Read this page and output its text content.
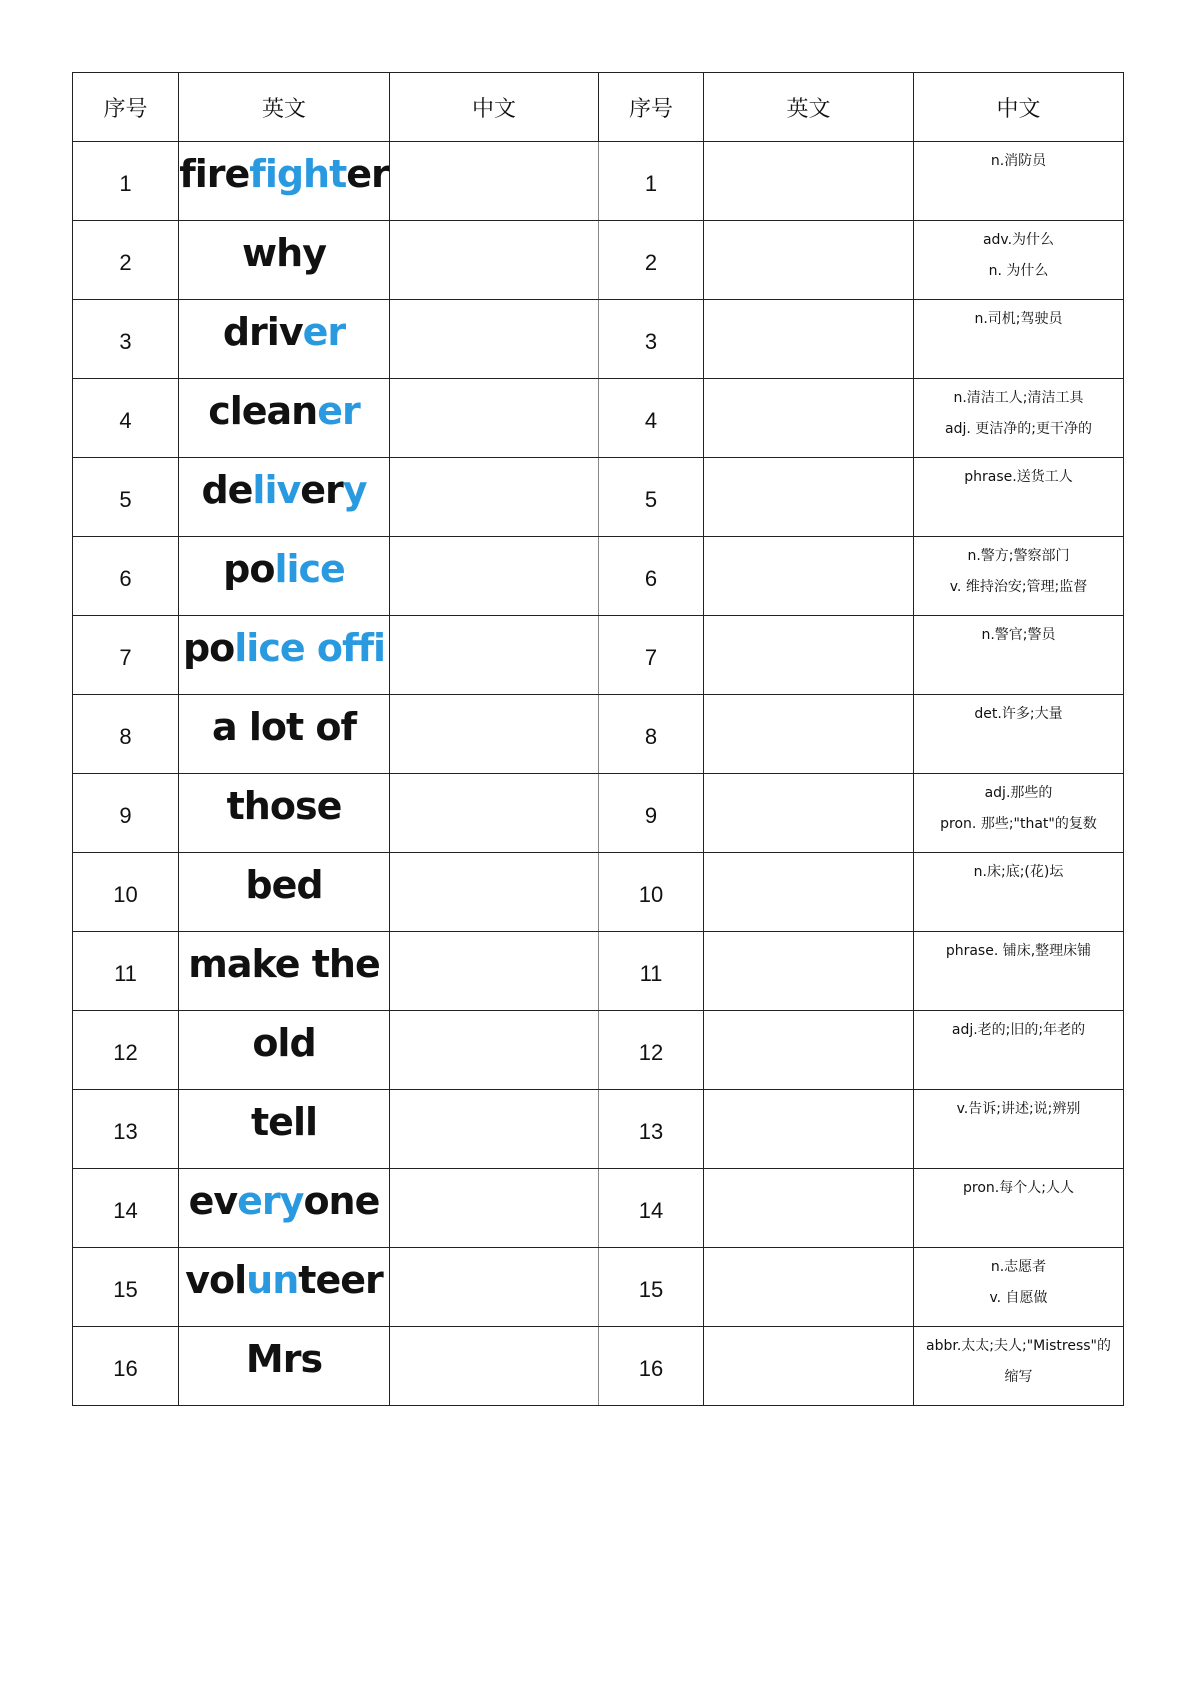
序号	英文	中文	序号	英文	中文
1	firefighter		1		n.消防员

2	why		2		adv.为什么
n. 为什么

3	driver		3		n.司机;驾驶员

4	cleaner		4		n.清洁工人;清洁工具
adj. 更洁净的;更干净的

5	delivery		5		phrase.送货工人

6	police		6		n.警方;警察部门
v. 维持治安;管理;监督

7	police offi		7		n.警官;警员

8	a lot of		8		det.许多;大量

9	those		9		adj.那些的
pron. 那些;"that"的复数

10	bed		10		n.床;底;(花)坛

11	make the		11		phrase. 铺床,整理床铺

12	old		12		adj.老的;旧的;年老的

13	tell		13		v.告诉;讲述;说;辨别

14	everyone		14		pron.每个人;人人

15	volunteer		15		n.志愿者
v. 自愿做

16	Mrs		16		abbr.太太;夫人;"Mistress"的
缩写
